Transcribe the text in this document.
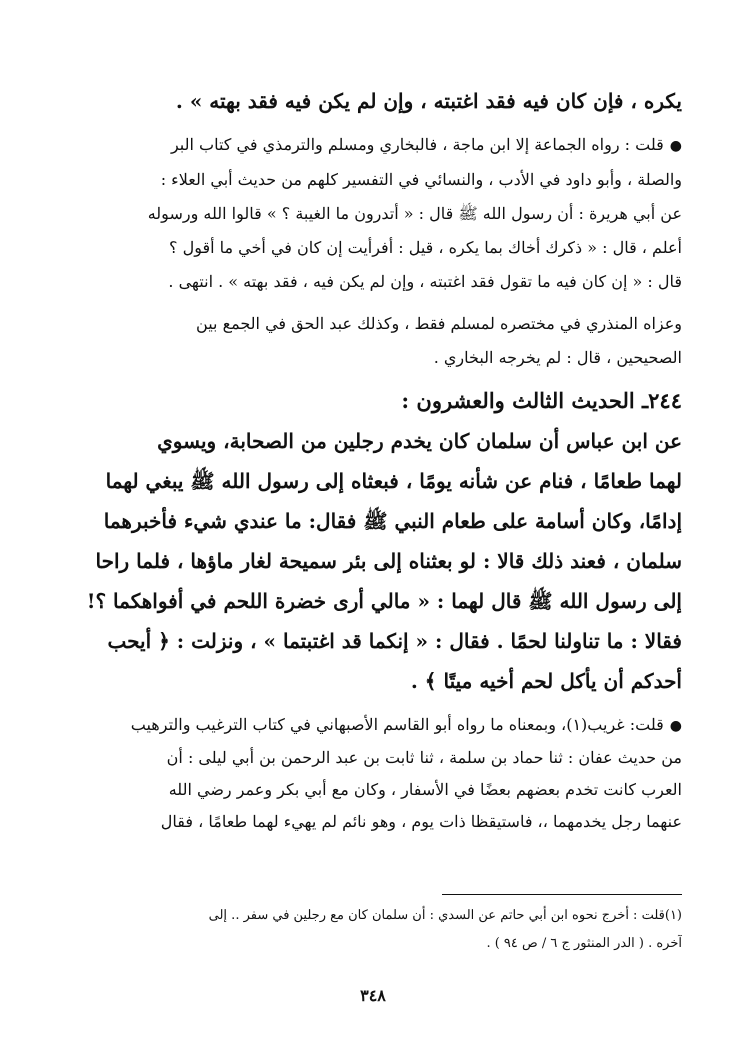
يكره ، فإن كان فيه فقد اغتبته ، وإن لم يكن فيه فقد بهته » .

●قلت : رواه الجماعة إلا ابن ماجة ، فالبخاري ومسلم والترمذي في كتاب البر

والصلة ، وأبو داود في الأدب ، والنسائي في التفسير كلهم من حديث أبي العلاء :

عن أبي هريرة : أن رسول الله ﷺ قال : « أتدرون ما الغيبة ؟ » قالوا الله ورسوله

أعلم ، قال : « ذكرك أخاك بما يكره ، قيل : أفرأيت إن كان في أخي ما أقول ؟

قال : « إن كان فيه ما تقول فقد اغتبته ، وإن لم يكن فيه ، فقد بهته » . انتهى .

وعزاه المنذري في مختصره لمسلم فقط ، وكذلك عبد الحق في الجمع بين

الصحيحين ، قال : لم يخرجه البخاري .

٢٤٤ـ الحديث الثالث والعشرون :

عن ابن عباس أن سلمان كان يخدم رجلين من الصحابة، ويسوي

لهما طعامًا ، فنام عن شأنه يومًا ، فبعثاه إلى رسول الله ﷺ يبغي لهما

إدامًا، وكان أسامة على طعام النبي ﷺ فقال: ما عندي شيء فأخبرهما

سلمان ، فعند ذلك قالا : لو بعثناه إلى بئر سميحة لغار ماؤها ، فلما راحا

إلى رسول الله ﷺ قال لهما : « مالي أرى خضرة اللحم في أفواهكما ؟!

فقالا : ما تناولنا لحمًا . فقال : « إنكما قد اغتبتما » ، ونزلت : ﴿ أيحب

أحدكم أن يأكل لحم أخيه ميتًا ﴾ .

●قلت: غريب(١)، وبمعناه ما رواه أبو القاسم الأصبهاني في كتاب الترغيب والترهيب

من حديث عفان : ثنا حماد بن سلمة ، ثنا ثابت بن عبد الرحمن بن أبي ليلى : أن

العرب كانت تخدم بعضهم بعضًا في الأسفار ، وكان مع أبي بكر وعمر رضي الله

عنهما رجل يخدمهما ،، فاستيقظا ذات يوم ، وهو نائم لم يهيء لهما طعامًا ، فقال

(١)قلت : أخرج نحوه ابن أبي حاتم عن السدي : أن سلمان كان مع رجلين في سفر .. إلى

آخره . ( الدر المنثور ج ٦ / ص ٩٤ ) .

٣٤٨
